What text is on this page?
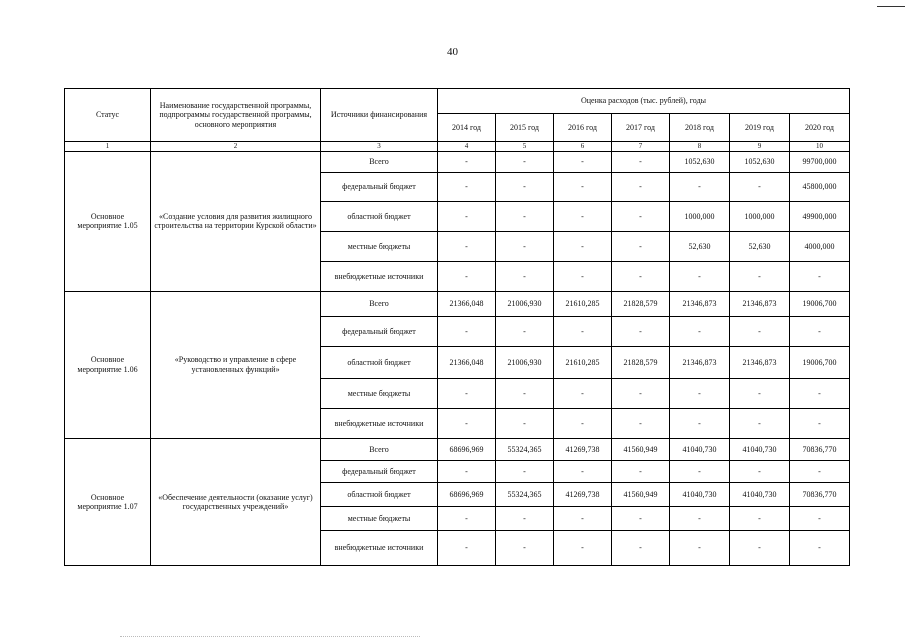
40
Статус	Наименование государственной программы, подпрограммы государственной программы, основного мероприятия	Источники финансирования	Оценка расходов (тыс. рублей), годы						
			2014 год	2015 год	2016 год	2017 год	2018 год	2019 год	2020 год
1	2	3	4	5	6	7	8	9	10
Основное мероприятие 1.05	«Создание условия для развития жилищного строительства на территории Курской области»	Всего	-	-	-	-	1052,630	1052,630	99700,000
		федеральный бюджет	-	-	-	-	-	-	45800,000
		областной бюджет	-	-	-	-	1000,000	1000,000	49900,000
		местные бюджеты	-	-	-	-	52,630	52,630	4000,000
		внебюджетные источники	-	-	-	-	-	-	-
Основное мероприятие 1.06	«Руководство и управление в сфере установленных функций»	Всего	21366,048	21006,930	21610,285	21828,579	21346,873	21346,873	19006,700
		федеральный бюджет	-	-	-	-	-	-	-
		областной бюджет	21366,048	21006,930	21610,285	21828,579	21346,873	21346,873	19006,700
		местные бюджеты	-	-	-	-	-	-	-
		внебюджетные источники	-	-	-	-	-	-	-
Основное мероприятие 1.07	«Обеспечение деятельности (оказание услуг) государственных учреждений»	Всего	68696,969	55324,365	41269,738	41560,949	41040,730	41040,730	70836,770
		федеральный бюджет	-	-	-	-	-	-	-
		областной бюджет	68696,969	55324,365	41269,738	41560,949	41040,730	41040,730	70836,770
		местные бюджеты	-	-	-	-	-	-	-
		внебюджетные источники	-	-	-	-	-	-	-
